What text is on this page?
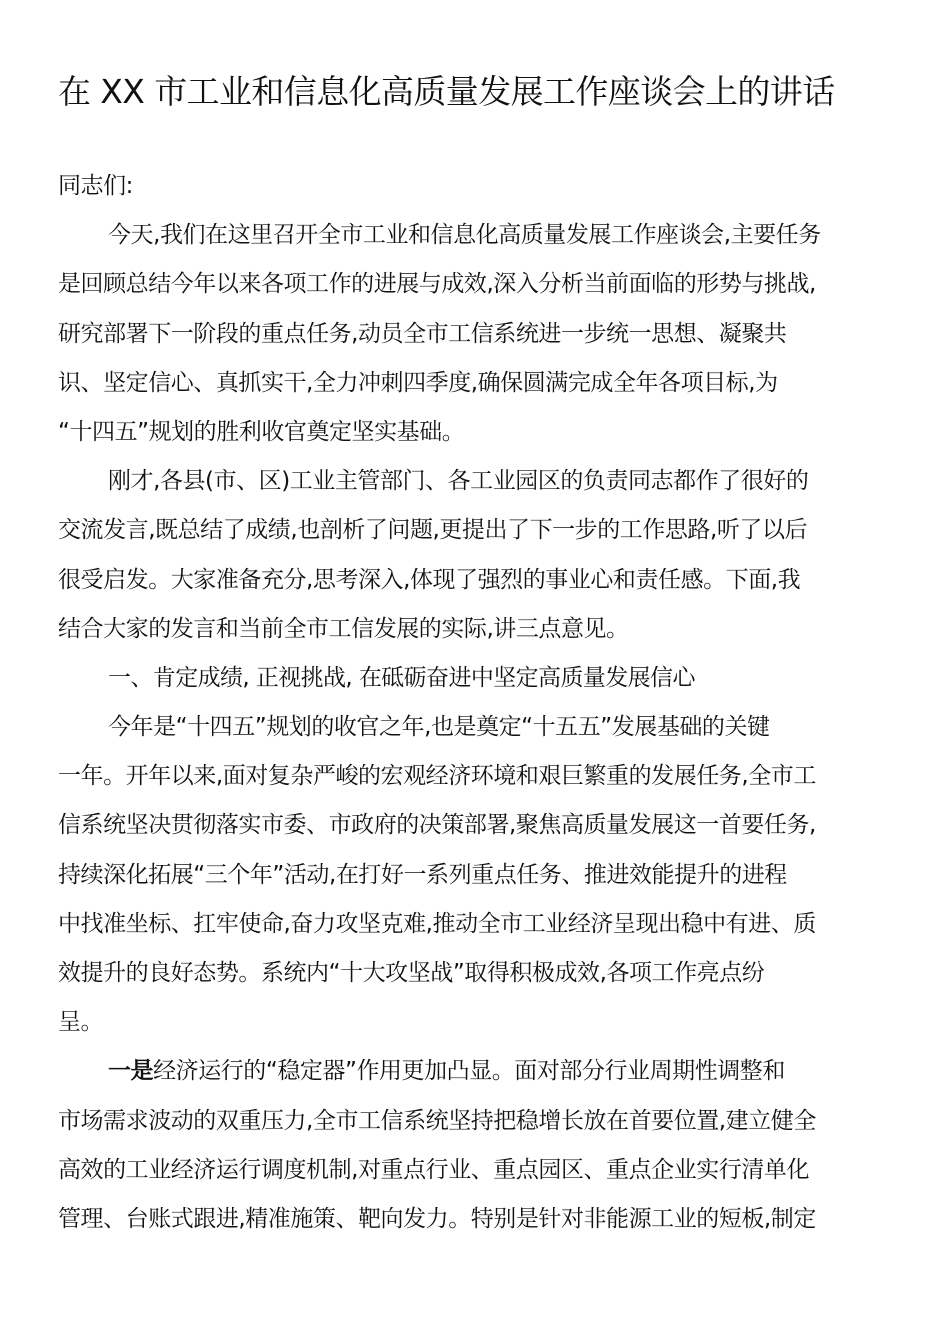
在 XX 市工业和信息化高质量发展工作座谈会上的讲话
同志们:
今天,我们在这里召开全市工业和信息化高质量发展工作座谈会,主要任务
是回顾总结今年以来各项工作的进展与成效,深入分析当前面临的形势与挑战,
研究部署下一阶段的重点任务,动员全市工信系统进一步统一思想、凝聚共
识、坚定信心、真抓实干,全力冲刺四季度,确保圆满完成全年各项目标,为
“十四五”规划的胜利收官奠定坚实基础。
刚才,各县(市、区)工业主管部门、各工业园区的负责同志都作了很好的
交流发言,既总结了成绩,也剖析了问题,更提出了下一步的工作思路,听了以后
很受启发。大家准备充分,思考深入,体现了强烈的事业心和责任感。下面,我
结合大家的发言和当前全市工信发展的实际,讲三点意见。
一、肯定成绩, 正视挑战, 在砥砺奋进中坚定高质量发展信心
今年是“十四五”规划的收官之年,也是奠定“十五五”发展基础的关键
一年。开年以来,面对复杂严峻的宏观经济环境和艰巨繁重的发展任务,全市工
信系统坚决贯彻落实市委、市政府的决策部署,聚焦高质量发展这一首要任务,
持续深化拓展“三个年”活动,在打好一系列重点任务、推进效能提升的进程
中找准坐标、扛牢使命,奋力攻坚克难,推动全市工业经济呈现出稳中有进、质
效提升的良好态势。系统内“十大攻坚战”取得积极成效,各项工作亮点纷
呈。
一是经济运行的“稳定器”作用更加凸显。面对部分行业周期性调整和
市场需求波动的双重压力,全市工信系统坚持把稳增长放在首要位置,建立健全
高效的工业经济运行调度机制,对重点行业、重点园区、重点企业实行清单化
管理、台账式跟进,精准施策、靶向发力。特别是针对非能源工业的短板,制定
